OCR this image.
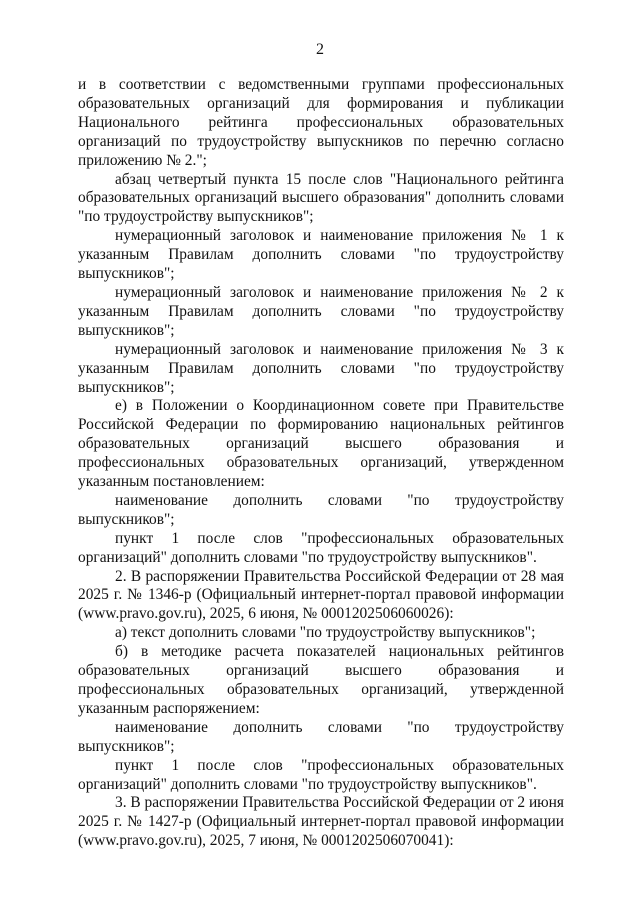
2

и в соответствии с ведомственными группами профессиональных образовательных организаций для формирования и публикации Национального рейтинга профессиональных образовательных организаций по трудоустройству выпускников по перечню согласно приложению № 2.";

абзац четвертый пункта 15 после слов "Национального рейтинга образовательных организаций высшего образования" дополнить словами "по трудоустройству выпускников";

нумерационный заголовок и наименование приложения № 1 к указанным Правилам дополнить словами "по трудоустройству выпускников";

нумерационный заголовок и наименование приложения № 2 к указанным Правилам дополнить словами "по трудоустройству выпускников";

нумерационный заголовок и наименование приложения № 3 к указанным Правилам дополнить словами "по трудоустройству выпускников";

е) в Положении о Координационном совете при Правительстве Российской Федерации по формированию национальных рейтингов образовательных организаций высшего образования и профессиональных образовательных организаций, утвержденном указанным постановлением:

наименование дополнить словами "по трудоустройству выпускников";

пункт 1 после слов "профессиональных образовательных организаций" дополнить словами "по трудоустройству выпускников".

2. В распоряжении Правительства Российской Федерации от 28 мая 2025 г. № 1346-р (Официальный интернет-портал правовой информации (www.pravo.gov.ru), 2025, 6 июня, № 0001202506060026):

а) текст дополнить словами "по трудоустройству выпускников";

б) в методике расчета показателей национальных рейтингов образовательных организаций высшего образования и профессиональных образовательных организаций, утвержденной указанным распоряжением:

наименование дополнить словами "по трудоустройству выпускников";

пункт 1 после слов "профессиональных образовательных организаций" дополнить словами "по трудоустройству выпускников".

3. В распоряжении Правительства Российской Федерации от 2 июня 2025 г. № 1427-р (Официальный интернет-портал правовой информации (www.pravo.gov.ru), 2025, 7 июня, № 0001202506070041):
